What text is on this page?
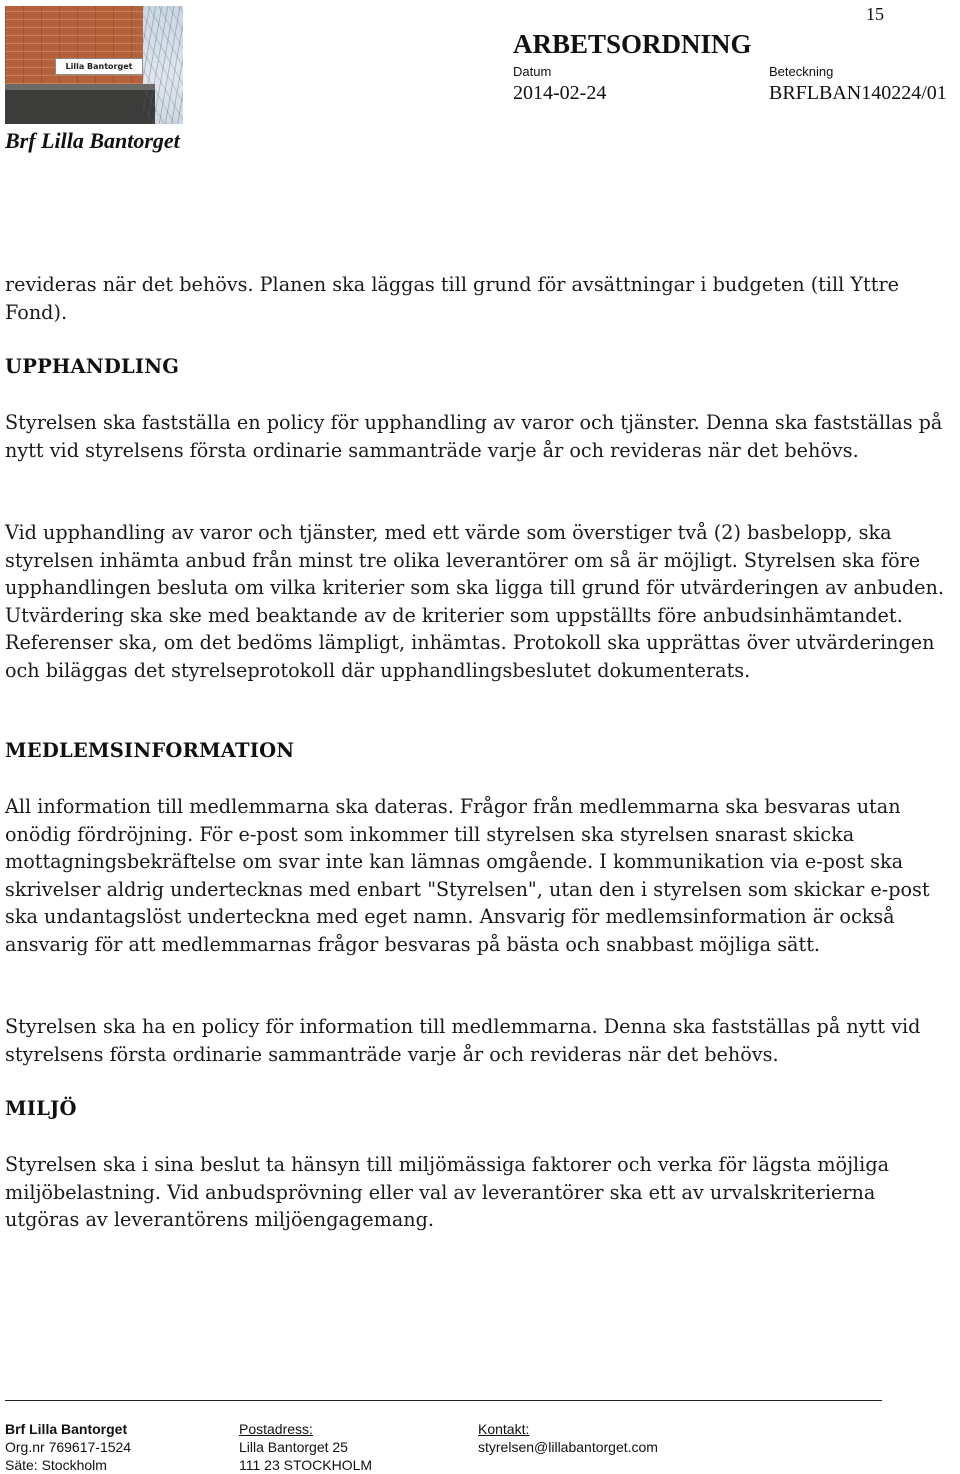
Lilla Bantorget
Brf Lilla Bantorget
15
ARBETSORDNING
Datum
2014-02-24
Beteckning
BRFLBAN140224/01

revideras när det behövs. Planen ska läggas till grund för avsättningar i budgeten (till Yttre Fond).

UPPHANDLING

Styrelsen ska fastställa en policy för upphandling av varor och tjänster. Denna ska fastställas på nytt vid styrelsens första ordinarie sammanträde varje år och revideras när det behövs.

Vid upphandling av varor och tjänster, med ett värde som överstiger två (2) basbelopp, ska styrelsen inhämta anbud från minst tre olika leverantörer om så är möjligt. Styrelsen ska före upphandlingen besluta om vilka kriterier som ska ligga till grund för utvärderingen av anbuden. Utvärdering ska ske med beaktande av de kriterier som uppställts före anbudsinhämtandet. Referenser ska, om det bedöms lämpligt, inhämtas. Protokoll ska upprättas över utvärderingen och biläggas det styrelseprotokoll där upphandlingsbeslutet dokumenterats.

MEDLEMSINFORMATION

All information till medlemmarna ska dateras. Frågor från medlemmarna ska besvaras utan onödig fördröjning. För e-post som inkommer till styrelsen ska styrelsen snarast skicka mottagningsbekräftelse om svar inte kan lämnas omgående. I kommunikation via e-post ska skrivelser aldrig undertecknas med enbart "Styrelsen", utan den i styrelsen som skickar e-post ska undantagslöst underteckna med eget namn. Ansvarig för medlemsinformation är också ansvarig för att medlemmarnas frågor besvaras på bästa och snabbast möjliga sätt.

Styrelsen ska ha en policy för information till medlemmarna. Denna ska fastställas på nytt vid styrelsens första ordinarie sammanträde varje år och revideras när det behövs.

MILJÖ

Styrelsen ska i sina beslut ta hänsyn till miljömässiga faktorer och verka för lägsta möjliga miljöbelastning. Vid anbudsprövning eller val av leverantörer ska ett av urvalskriterierna utgöras av leverantörens miljöengagemang.

Brf Lilla Bantorget
Org.nr 769617-1524
Säte: Stockholm
Postadress:
Lilla Bantorget 25
111 23 STOCKHOLM
Kontakt:
styrelsen@lillabantorget.com
